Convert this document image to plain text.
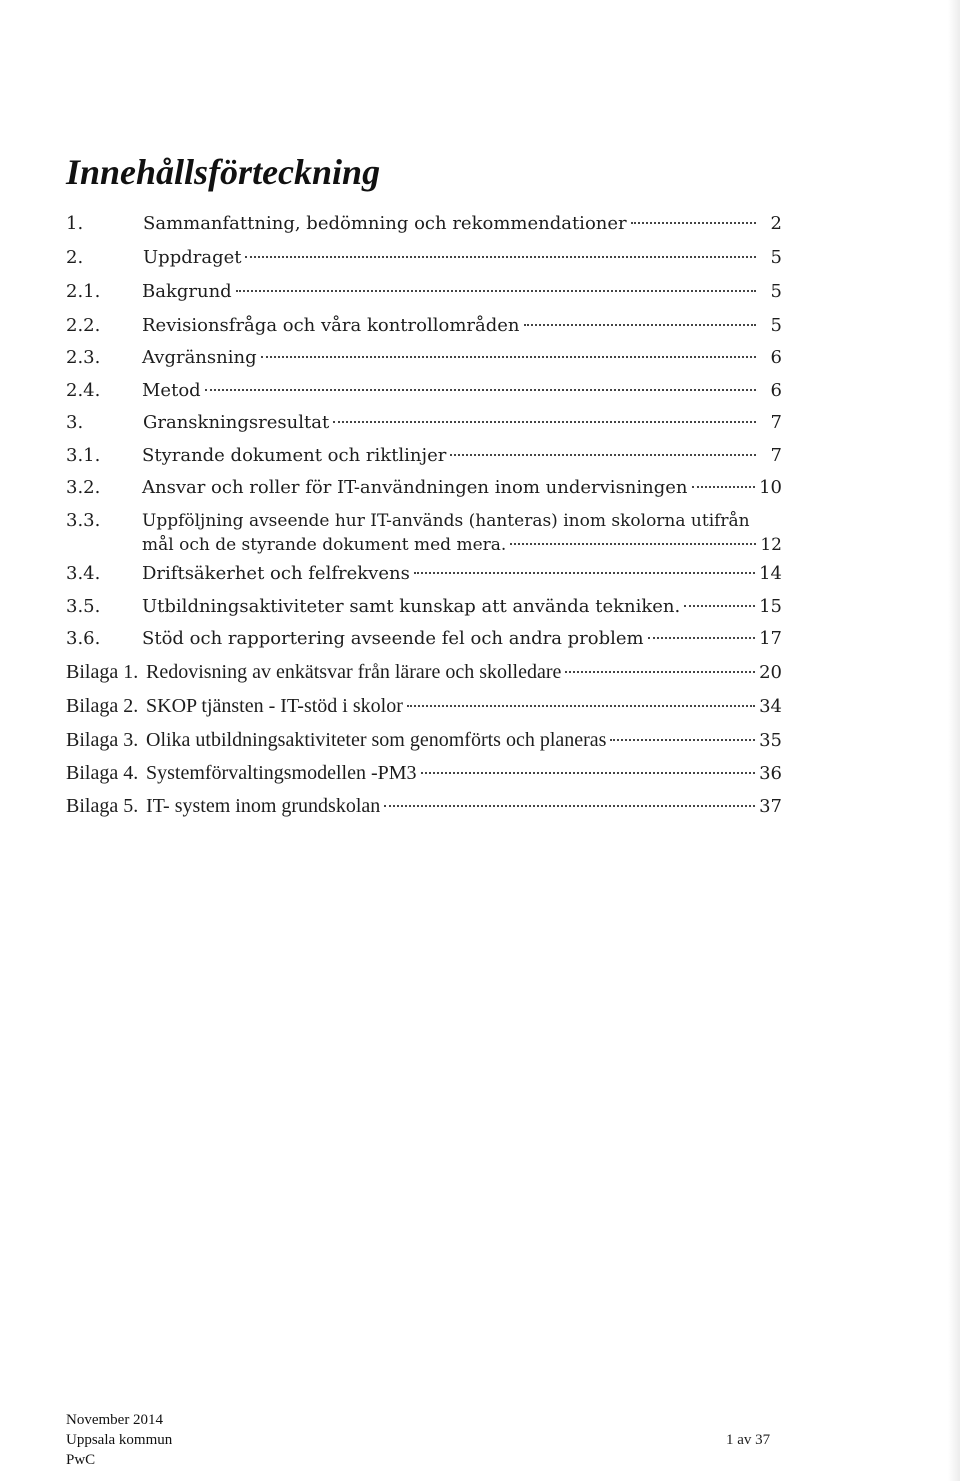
Innehållsförteckning
1.	Sammanfattning, bedömning och rekommendationer	2
2.	Uppdraget	5
2.1. Bakgrund	5
2.2. Revisionsfråga och våra kontrollområden	5
2.3. Avgränsning	6
2.4. Metod	6
3.	Granskningsresultat	7
3.1. Styrande dokument och riktlinjer	7
3.2. Ansvar och roller för IT-användningen inom undervisningen	10
3.3. Uppföljning avseende hur IT-används (hanteras) inom skolorna utifrån
mål och de styrande dokument med mera.	12
3.4. Driftsäkerhet och felfrekvens	14
3.5. Utbildningsaktiviteter samt kunskap att använda tekniken.	15
3.6. Stöd och rapportering avseende fel och andra problem	17
Bilaga 1. Redovisning av enkätsvar från lärare och skolledare	20
Bilaga 2. SKOP tjänsten - IT-stöd i skolor	34
Bilaga 3. Olika utbildningsaktiviteter som genomförts och planeras	35
Bilaga 4. Systemförvaltingsmodellen -PM3	36
Bilaga 5. IT- system inom grundskolan	37
November 2014
Uppsala kommun
PwC
1 av 37
